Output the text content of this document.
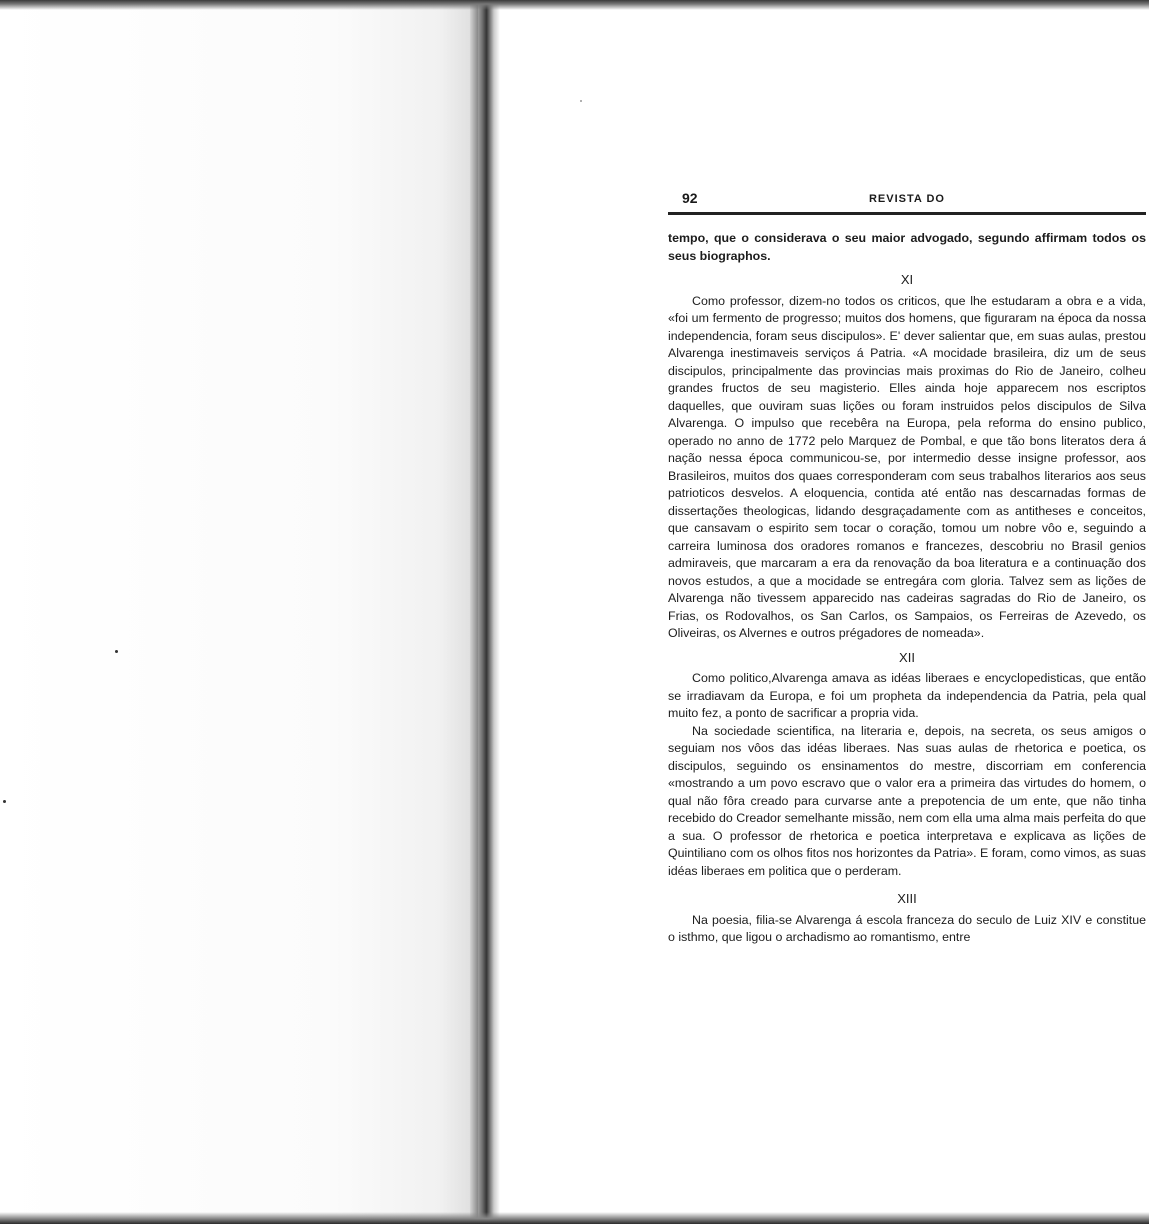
92	REVISTA DO

tempo, que o considerava o seu maior advogado, segundo affirmam todos os seus biographos.

XI

Como professor, dizem-no todos os criticos, que lhe estudaram a obra e a vida, «foi um fermento de progresso; muitos dos homens, que figuraram na época da nossa independencia, foram seus discipulos». E' dever salientar que, em suas aulas, prestou Alvarenga inestimaveis serviços á Patria. «A mocidade brasileira, diz um de seus discipulos, principalmente das provincias mais proximas do Rio de Janeiro, colheu grandes fructos de seu magisterio. Elles ainda hoje apparecem nos escriptos daquelles, que ouviram suas lições ou foram instruidos pelos discipulos de Silva Alvarenga. O impulso que recebêra na Europa, pela reforma do ensino publico, operado no anno de 1772 pelo Marquez de Pombal, e que tão bons literatos dera á nação nessa época communicou-se, por intermedio desse insigne professor, aos Brasileiros, muitos dos quaes corresponderam com seus trabalhos literarios aos seus patrioticos desvelos. A eloquencia, contida até então nas descarnadas formas de dissertações theologicas, lidando desgraçadamente com as antitheses e conceitos, que cansavam o espirito sem tocar o coração, tomou um nobre vôo e, seguindo a carreira luminosa dos oradores romanos e francezes, descobriu no Brasil genios admiraveis, que marcaram a era da renovação da boa literatura e a continuação dos novos estudos, a que a mocidade se entregára com gloria. Talvez sem as lições de Alvarenga não tivessem apparecido nas cadeiras sagradas do Rio de Janeiro, os Frias, os Rodovalhos, os San Carlos, os Sampaios, os Ferreiras de Azevedo, os Oliveiras, os Alvernes e outros prégadores de nomeada».

XII

Como politico,Alvarenga amava as idéas liberaes e encyclopedisticas, que então se irradiavam da Europa, e foi um propheta da independencia da Patria, pela qual muito fez, a ponto de sacrificar a propria vida.

Na sociedade scientifica, na literaria e, depois, na secreta, os seus amigos o seguiam nos vôos das idéas liberaes. Nas suas aulas de rhetorica e poetica, os discipulos, seguindo os ensinamentos do mestre, discorriam em conferencia «mostrando a um povo escravo que o valor era a primeira das virtudes do homem, o qual não fôra creado para curvarse ante a prepotencia de um ente, que não tinha recebido do Creador semelhante missão, nem com ella uma alma mais perfeita do que a sua. O professor de rhetorica e poetica interpretava e explicava as lições de Quintiliano com os olhos fitos nos horizontes da Patria». E foram, como vimos, as suas idéas liberaes em politica que o perderam.

XIII

Na poesia, filia-se Alvarenga á escola franceza do seculo de Luiz XIV e constitue o isthmo, que ligou o archadismo ao romantismo, entre
